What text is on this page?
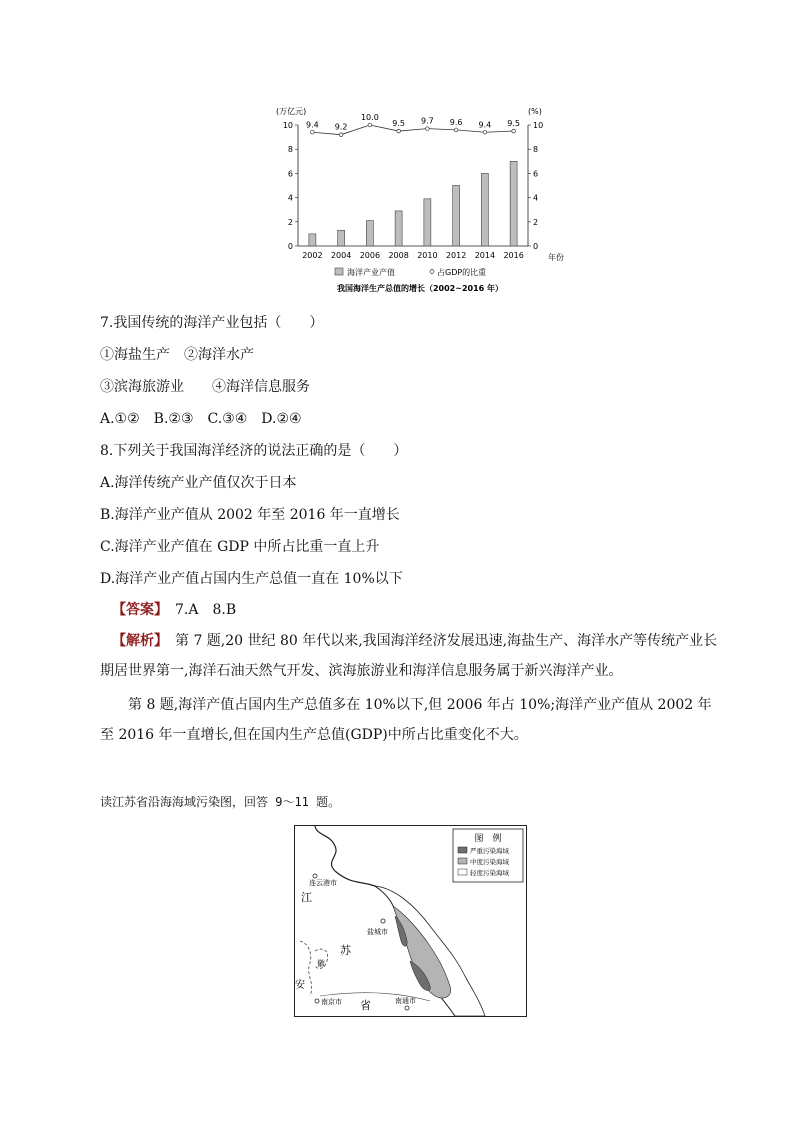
(万亿元)	(%)
0	0
2	2
4	4
6	6
8	8
10	10
9.4 9.2
10.0
9.5 9.7 9.6 9.4 9.5
2002 2004 2006 2008 2010 2012 2014 2016	年份
海洋产业产值	占GDP的比重
我国海洋生产总值的增长（2002~2016 年）
7.我国传统的海洋产业包括（　　）
①海盐生产　②海洋水产
③滨海旅游业　　④海洋信息服务
A.①②　B.②③　C.③④　D.②④
8.下列关于我国海洋经济的说法正确的是（　　）
A.海洋传统产业产值仅次于日本
B.海洋产业产值从 2002 年至 2016 年一直增长
C.海洋产业产值在 GDP 中所占比重一直上升
D.海洋产业产值占国内生产总值一直在 10%以下
【答案】　7.A　8.B
【解析】　第 7 题,20 世纪 80 年代以来,我国海洋经济发展迅速,海盐生产、海洋水产等传统产业长期居世界第一,海洋石油天然气开发、滨海旅游业和海洋信息服务属于新兴海洋产业。
第 8 题,海洋产值占国内生产总值多在 10%以下,但 2006 年占 10%;海洋产业产值从 2002 年至 2016 年一直增长,但在国内生产总值(GDP)中所占比重变化不大。
读江苏省沿海海域污染图，回答 9～11 题。
连云港市
盐城市
南京市	南通市
江
苏
省
安
徽
图　例
严重污染海域
中度污染海域
轻度污染海域
